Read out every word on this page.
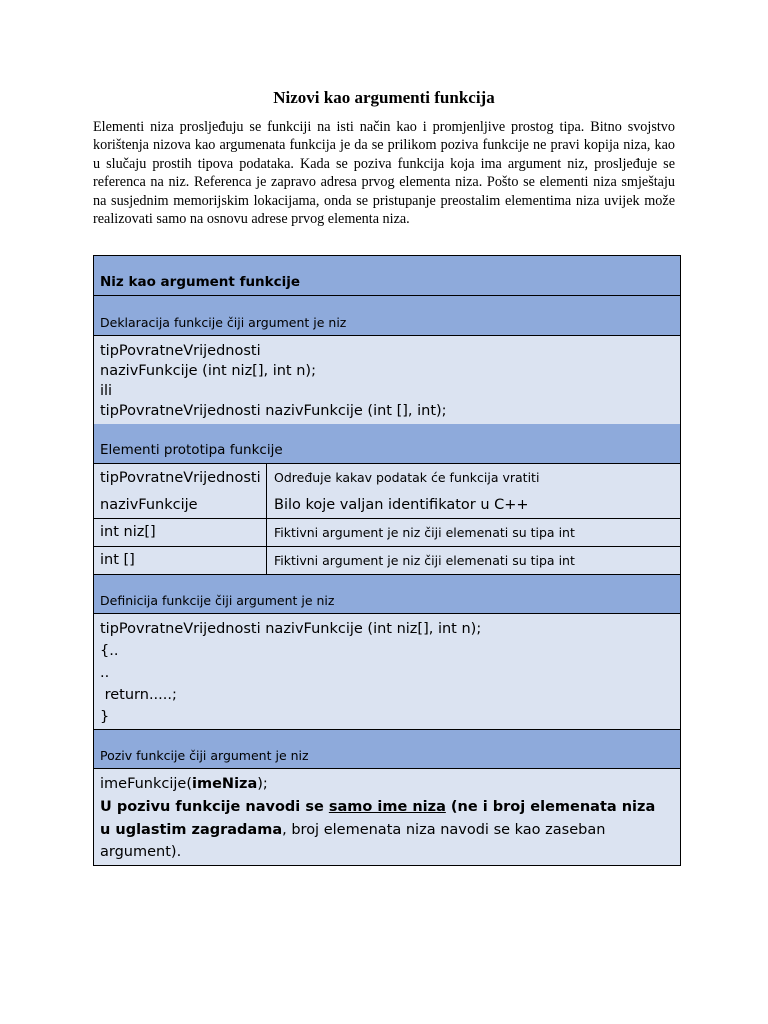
Nizovi kao argumenti funkcija
Elementi niza prosljeđuju se funkciji na isti način kao i promjenljive prostog tipa. Bitno svojstvo korištenja nizova kao argumenata funkcija je da se prilikom poziva funkcije ne pravi kopija niza, kao u slučaju prostih tipova podataka. Kada se poziva funkcija koja ima argument niz, prosljeđuje se referenca na niz. Referenca je zapravo adresa prvog elementa niza. Pošto se elementi niza smještaju na susjednim memorijskim lokacijama, onda se pristupanje preostalim elementima niza uvijek može realizovati samo na osnovu adrese prvog elementa niza.
Niz kao argument funkcije
Deklaracija funkcije čiji argument je niz
tipPovratneVrijednosti
nazivFunkcije (int niz[], int n);
ili
tipPovratneVrijednosti nazivFunkcije (int [], int);
Elementi prototipa funkcije
tipPovratneVrijednosti Određuje kakav podatak će funkcija vratiti
nazivFunkcije	Bilo koje valjan identifikator u C++
int niz[]	Fiktivni argument je niz čiji elemenati su tipa int
int []	Fiktivni argument je niz čiji elemenati su tipa int
Definicija funkcije čiji argument je niz
tipPovratneVrijednosti nazivFunkcije (int niz[], int n);
{..
..
return.....;
}
Poziv funkcije čiji argument je niz
imeFunkcije(imeNiza);
U pozivu funkcije navodi se samo ime niza (ne i broj elemenata niza u uglastim zagradama, broj elemenata niza navodi se kao zaseban argument).
